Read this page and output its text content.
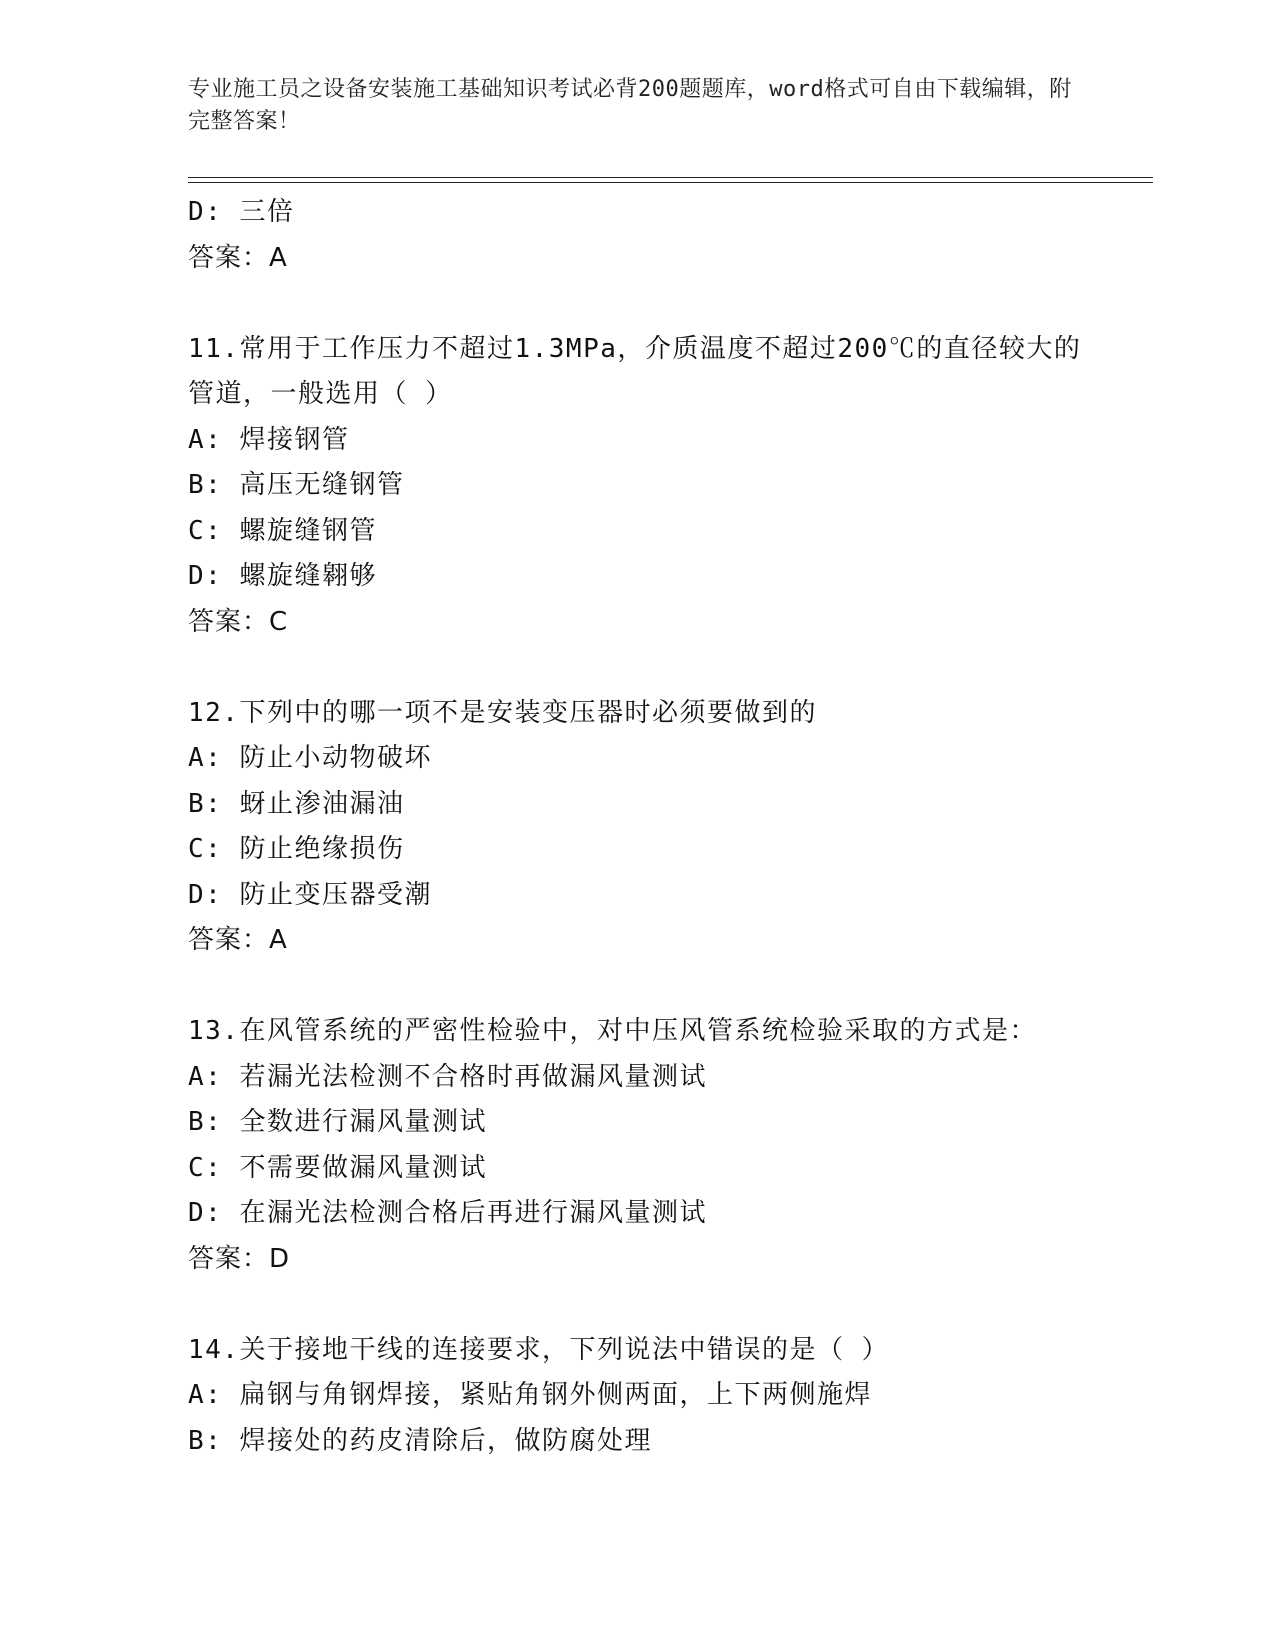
专业施工员之设备安装施工基础知识考试必背200题题库，word格式可自由下载编辑，附完整答案！
D: 三倍
答案：A
11.常用于工作压力不超过1.3MPa，介质温度不超过200℃的直径较大的管道，一般选用（ ）
A: 焊接钢管
B: 高压无缝钢管
C: 螺旋缝钢管
D: 螺旋缝翱够
答案：C
12.下列中的哪一项不是安装变压器时必须要做到的
A: 防止小动物破坏
B: 蚜止渗油漏油
C: 防止绝缘损伤
D: 防止变压器受潮
答案：A
13.在风管系统的严密性检验中，对中压风管系统检验采取的方式是：
A: 若漏光法检测不合格时再做漏风量测试
B: 全数进行漏风量测试
C: 不需要做漏风量测试
D: 在漏光法检测合格后再进行漏风量测试
答案：D
14.关于接地干线的连接要求，下列说法中错误的是（ ）
A: 扁钢与角钢焊接，紧贴角钢外侧两面，上下两侧施焊
B: 焊接处的药皮清除后，做防腐处理
